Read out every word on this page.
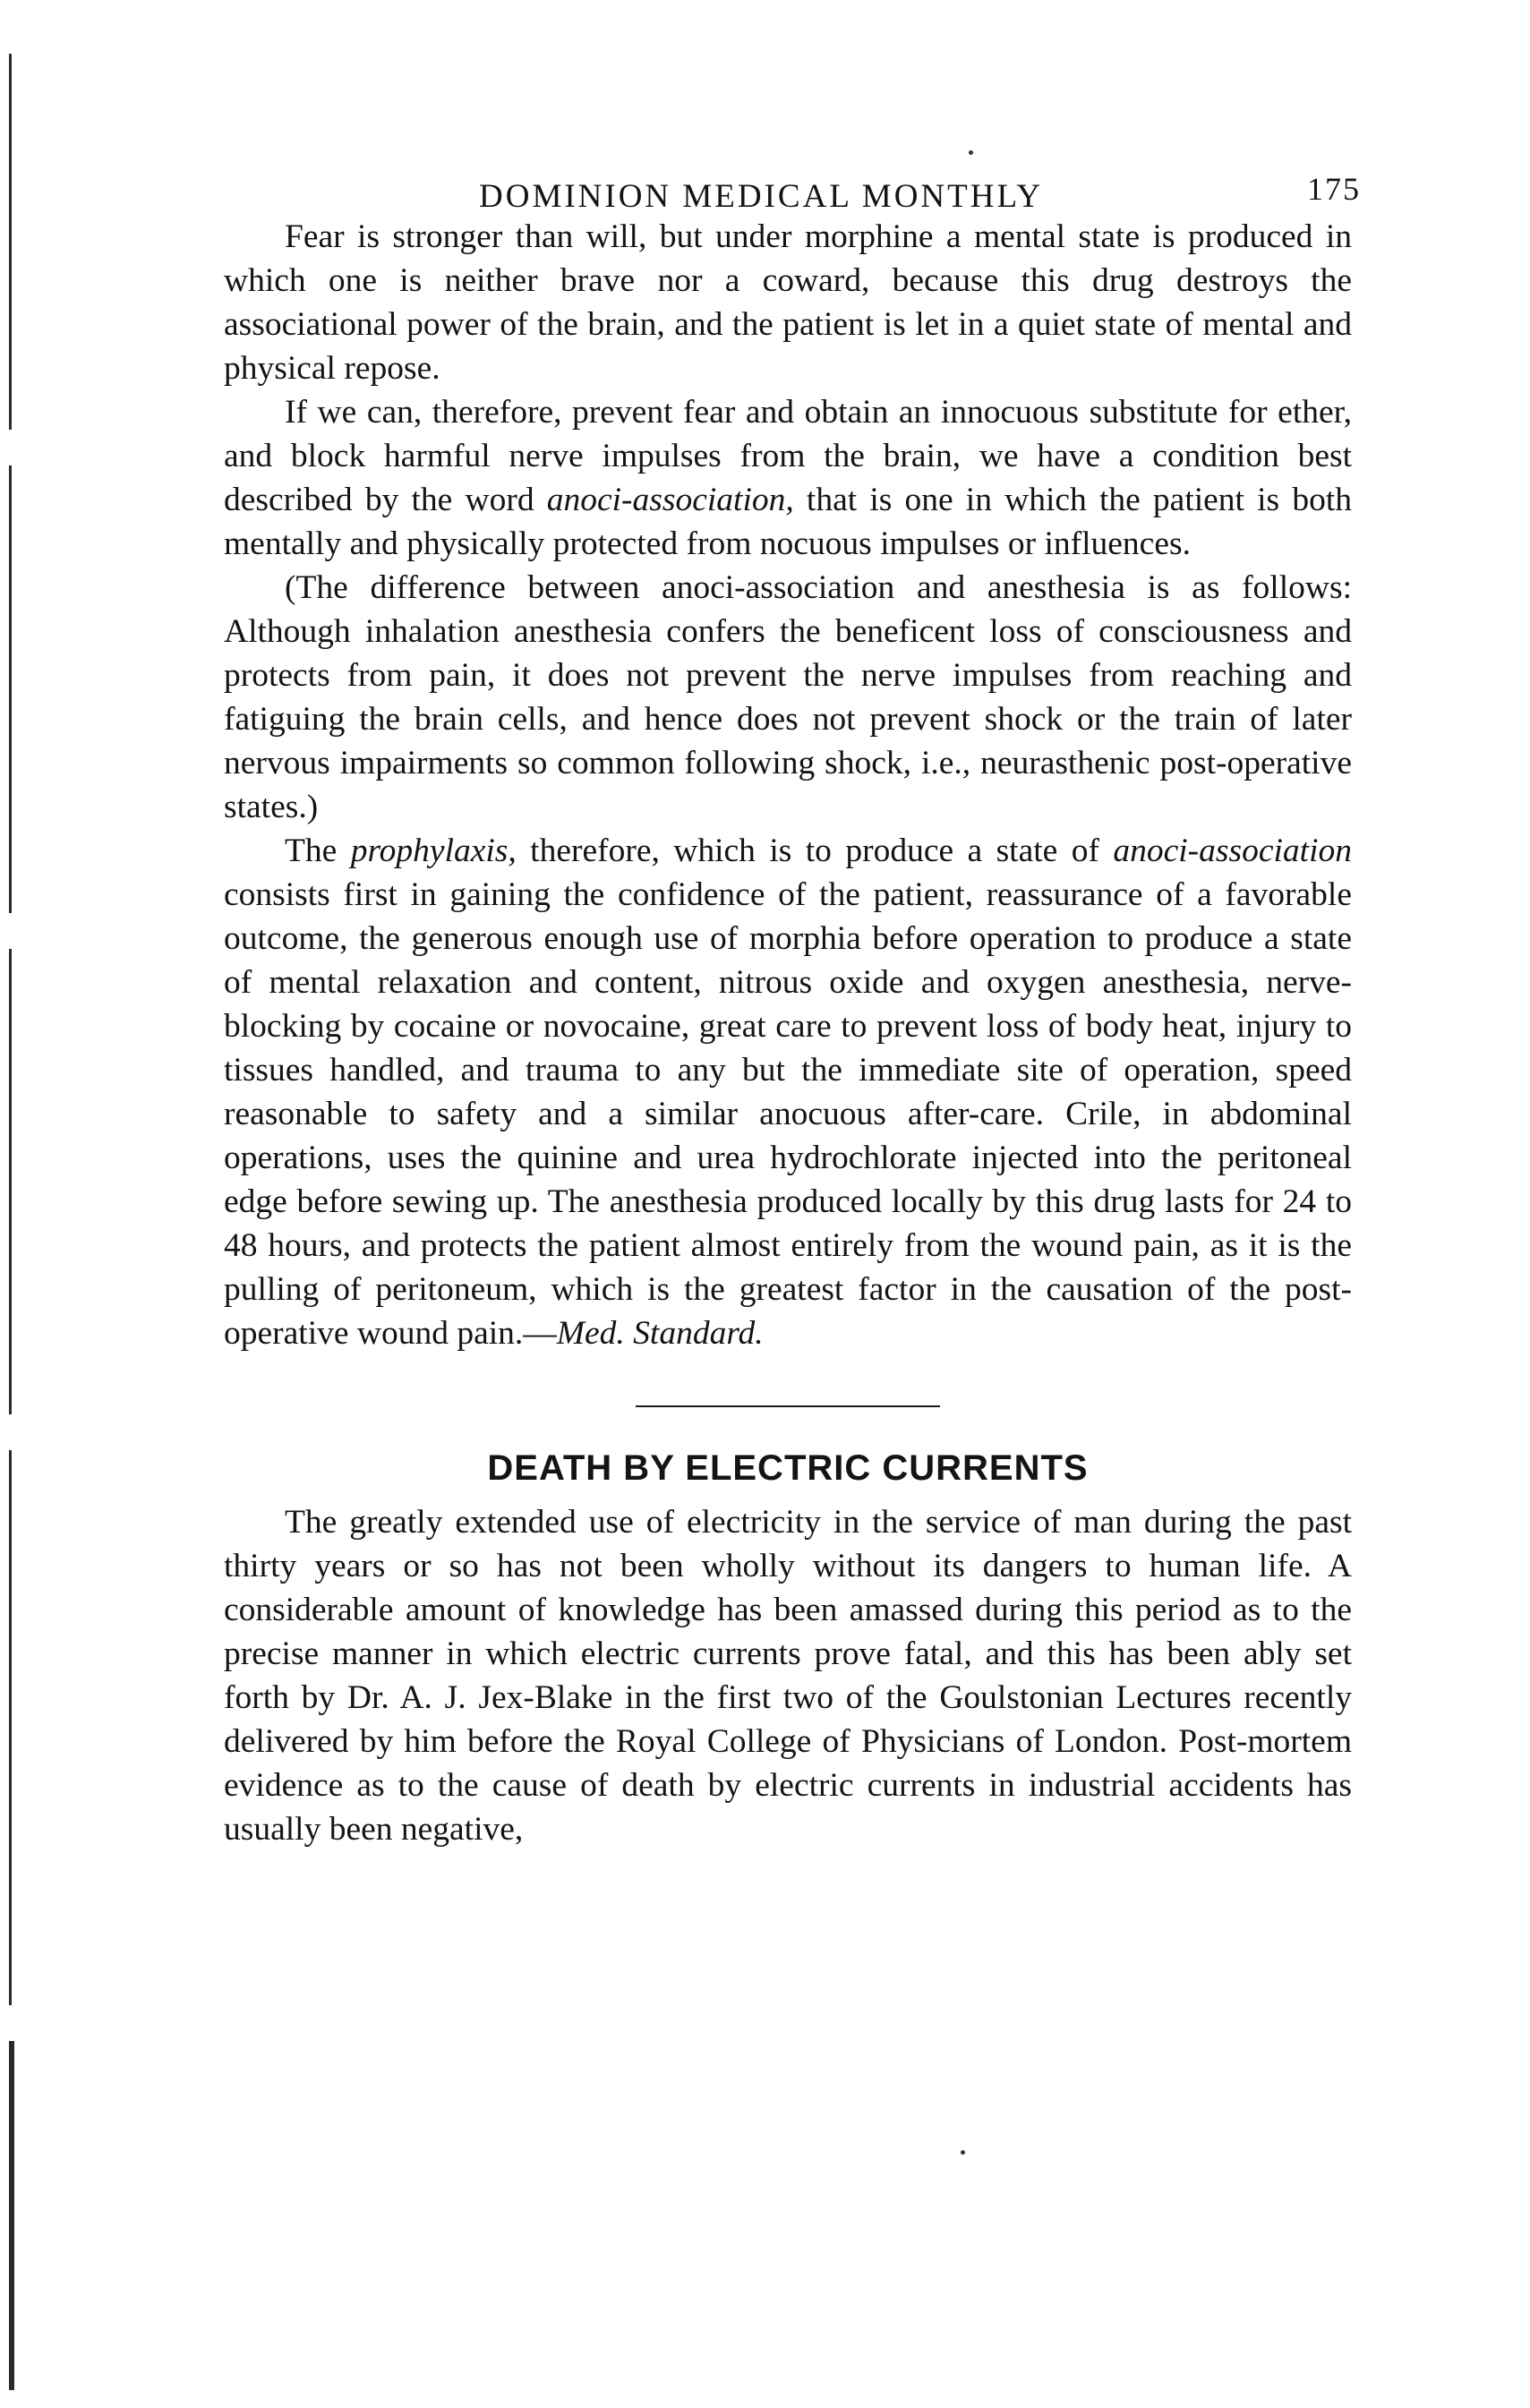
DOMINION MEDICAL MONTHLY	175

Fear is stronger than will, but under morphine a mental state is produced in which one is neither brave nor a coward, because this drug destroys the associational power of the brain, and the patient is let in a quiet state of mental and physical repose.

If we can, therefore, prevent fear and obtain an innocuous substitute for ether, and block harmful nerve impulses from the brain, we have a condition best described by the word anoci-association, that is one in which the patient is both mentally and physically protected from nocuous impulses or influences.

(The difference between anoci-association and anesthesia is as follows: Although inhalation anesthesia confers the beneficent loss of consciousness and protects from pain, it does not prevent the nerve impulses from reaching and fatiguing the brain cells, and hence does not prevent shock or the train of later nervous impairments so common following shock, i.e., neurasthenic post-operative states.)

The prophylaxis, therefore, which is to produce a state of anoci-association consists first in gaining the confidence of the patient, reassurance of a favorable outcome, the generous enough use of morphia before operation to produce a state of mental relaxation and content, nitrous oxide and oxygen anesthesia, nerve-blocking by cocaine or novocaine, great care to prevent loss of body heat, injury to tissues handled, and trauma to any but the immediate site of operation, speed reasonable to safety and a similar anocuous after-care. Crile, in abdominal operations, uses the quinine and urea hydrochlorate injected into the peritoneal edge before sewing up. The anesthesia produced locally by this drug lasts for 24 to 48 hours, and protects the patient almost entirely from the wound pain, as it is the pulling of peritoneum, which is the greatest factor in the causation of the post-operative wound pain.—Med. Standard.

DEATH BY ELECTRIC CURRENTS

The greatly extended use of electricity in the service of man during the past thirty years or so has not been wholly without its dangers to human life. A considerable amount of knowledge has been amassed during this period as to the precise manner in which electric currents prove fatal, and this has been ably set forth by Dr. A. J. Jex-Blake in the first two of the Goulstonian Lectures recently delivered by him before the Royal College of Physicians of London. Post-mortem evidence as to the cause of death by electric currents in industrial accidents has usually been negative,
